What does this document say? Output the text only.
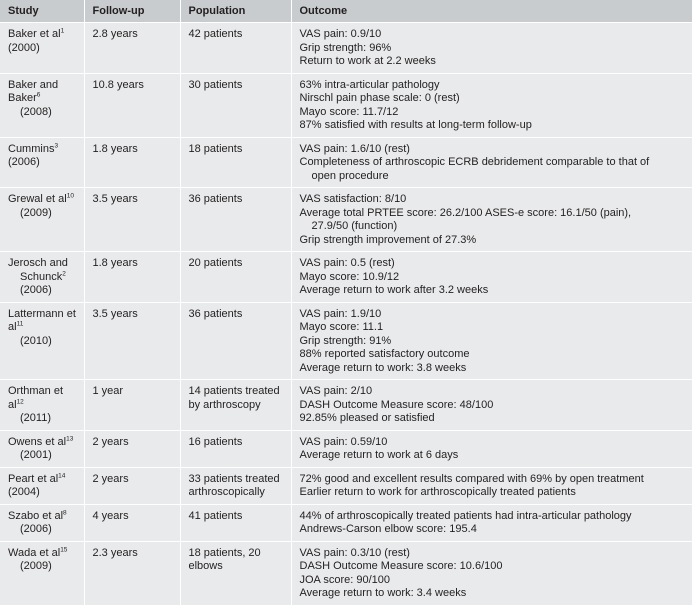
Study	Follow-up	Population	Outcome
Baker et $al^1$ (2000)	2.8 years	42 patients	VAS pain: 0.9/10
Grip strength: 96%
Return to work at 2.2 weeks

Baker and Baker$^6$
(2008)	10.8 years	30 patients	63% intra-articular pathology
Nirschl pain phase scale: 0 (rest)
Mayo score: 11.7/12
87% satisfied with results at long-term follow-up

Cummins$^3$ (2006)	1.8 years	18 patients	VAS pain: 1.6/10 (rest)
Completeness of arthroscopic ECRB debridement comparable to that of
open procedure

Grewal et $al^{10}$
(2009)	3.5 years	36 patients	VAS satisfaction: 8/10
Average total PRTEE score: 26.2/100 ASES-e score: 16.1/50 (pain),
27.9/50 (function)
Grip strength improvement of 27.3%

Jerosch and
Schunck$^2$ (2006)	1.8 years	20 patients	VAS pain: 0.5 (rest)
Mayo score: 10.9/12
Average return to work after 3.2 weeks

Lattermann et $al^{11}$
(2010)	3.5 years	36 patients	VAS pain: 1.9/10
Mayo score: 11.1
Grip strength: 91%
88% reported satisfactory outcome
Average return to work: 3.8 weeks

Orthman et $al^{12}$
(2011)	1 year	14 patients treated by arthroscopy	VAS pain: 2/10
DASH Outcome Measure score: 48/100
92.85% pleased or satisfied

Owens et $al^{13}$
(2001)	2 years	16 patients	VAS pain: 0.59/10
Average return to work at 6 days

Peart et $al^{14}$ (2004)	2 years	33 patients treated arthroscopically	72% good and excellent results compared with 69% by open treatment
Earlier return to work for arthroscopically treated patients

Szabo et $al^8$
(2006)	4 years	41 patients	44% of arthroscopically treated patients had intra-articular pathology
Andrews-Carson elbow score: 195.4

Wada et $al^{15}$
(2009)	2.3 years	18 patients, 20 elbows	VAS pain: 0.3/10 (rest)
DASH Outcome Measure score: 10.6/100
JOA score: 90/100
Average return to work: 3.4 weeks
